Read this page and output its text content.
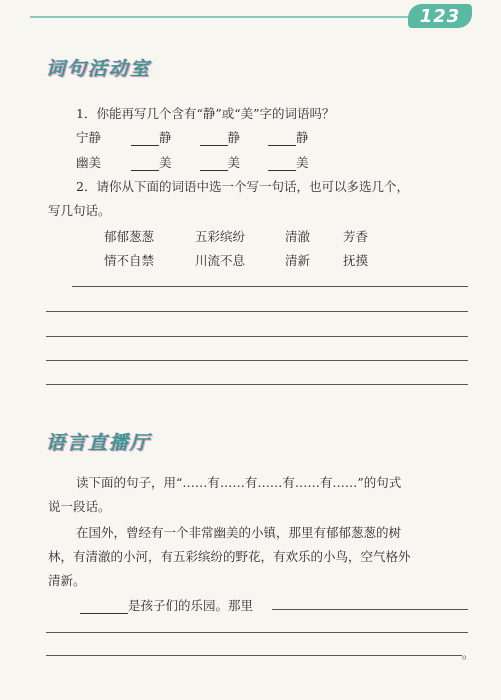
123
词句活动室
1．你能再写几个含有“静”或“美”字的词语吗？
宁静	静	静	静
幽美	美	美	美
2．请你从下面的词语中选一个写一句话，也可以多选几个，
写几句话。
郁郁葱葱	五彩缤纷	清澈	芳香
情不自禁	川流不息	清新	抚摸
语言直播厅
读下面的句子，用“……有……有……有……有……”的句式
说一段话。
在国外，曾经有一个非常幽美的小镇，那里有郁郁葱葱的树
林，有清澈的小河，有五彩缤纷的野花，有欢乐的小鸟，空气格外
清新。
是孩子们的乐园。那里
。
